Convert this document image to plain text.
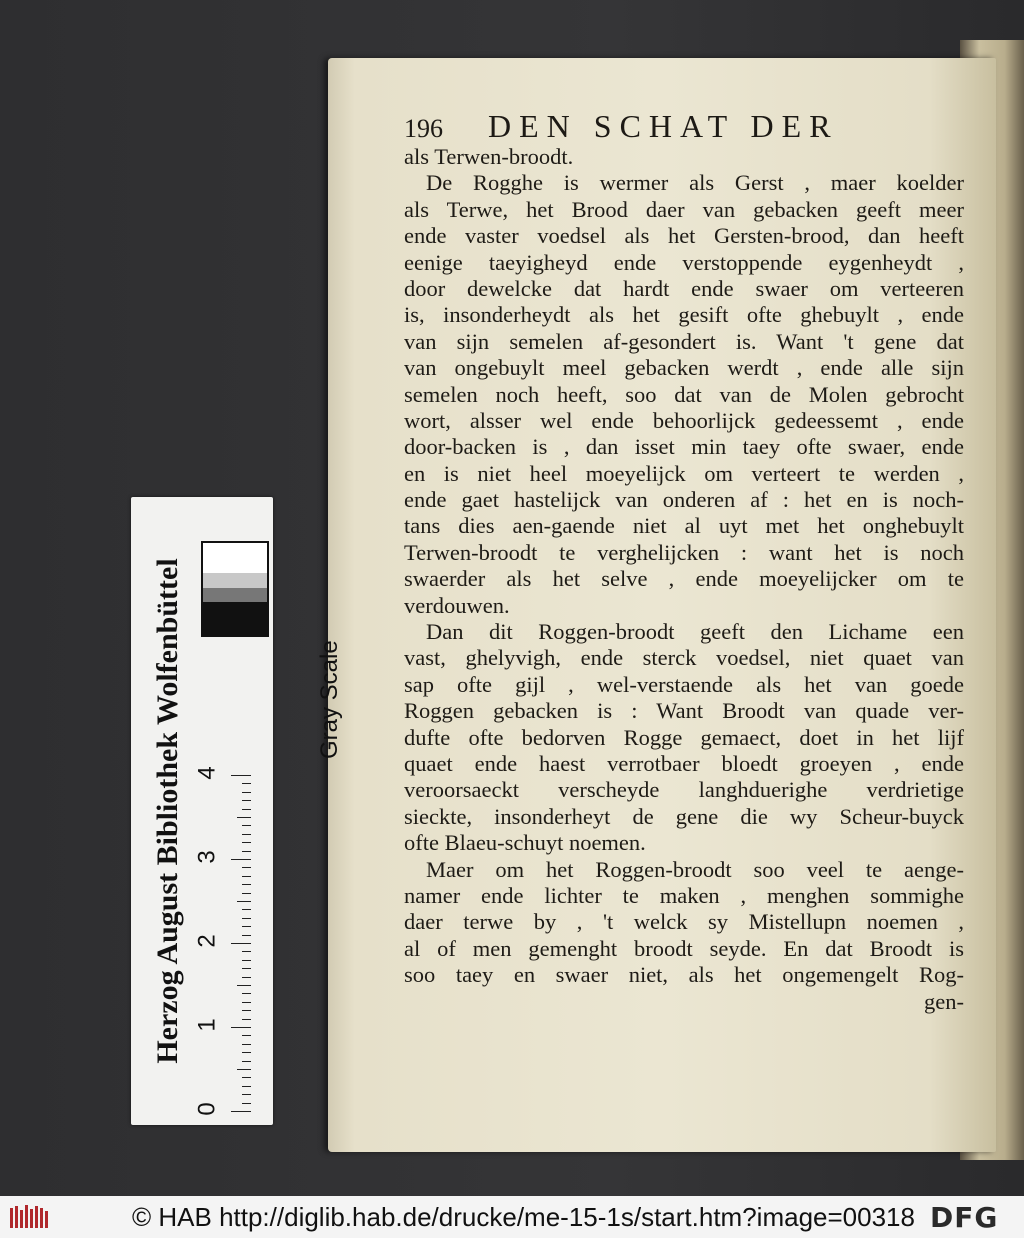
196	DEN SCHAT DER
als Terwen-broodt.
De Rogghe is wermer als Gerst , maer koelder
als Terwe, het Brood daer van gebacken geeft meer
ende vaster voedsel als het Gersten-brood, dan heeft
eenige taeyigheyd ende verstoppende eygenheydt ,
door dewelcke dat hardt ende swaer om verteeren
is, insonderheydt als het gesift ofte ghebuylt , ende
van sijn semelen af-gesondert is. Want 't gene dat
van ongebuylt meel gebacken werdt , ende alle sijn
semelen noch heeft, soo dat van de Molen gebrocht
wort, alsser wel ende behoorlijck gedeessemt , ende
door-backen is , dan isset min taey ofte swaer, ende
en is niet heel moeyelijck om verteert te werden ,
ende gaet hastelijck van onderen af : het en is noch-
tans dies aen-gaende niet al uyt met het onghebuylt
Terwen-broodt te verghelijcken : want het is noch
swaerder als het selve , ende moeyelijcker om te
verdouwen.
Dan dit Roggen-broodt geeft den Lichame een
vast, ghelyvigh, ende sterck voedsel, niet quaet van
sap ofte gijl , wel-verstaende als het van goede
Roggen gebacken is : Want Broodt van quade ver-
dufte ofte bedorven Rogge gemaect, doet in het lijf
quaet ende haest verrotbaer bloedt groeyen , ende
veroorsaeckt verscheyde langhduerighe verdrietige
sieckte, insonderheyt de gene die wy Scheur-buyck
ofte Blaeu-schuyt noemen.
Maer om het Roggen-broodt soo veel te aenge-
namer ende lichter te maken , menghen sommighe
daer terwe by , 't welck sy Mistellupn noemen ,
al of men gemenght broodt seyde. En dat Broodt is
soo taey en swaer niet, als het ongemengelt Rog-
gen-
Herzog August Bibliothek Wolfenbüttel	Gray Scale
0
1
2
3
4
© HAB http://diglib.hab.de/drucke/me-15-1s/start.htm?image=00318 DFG
